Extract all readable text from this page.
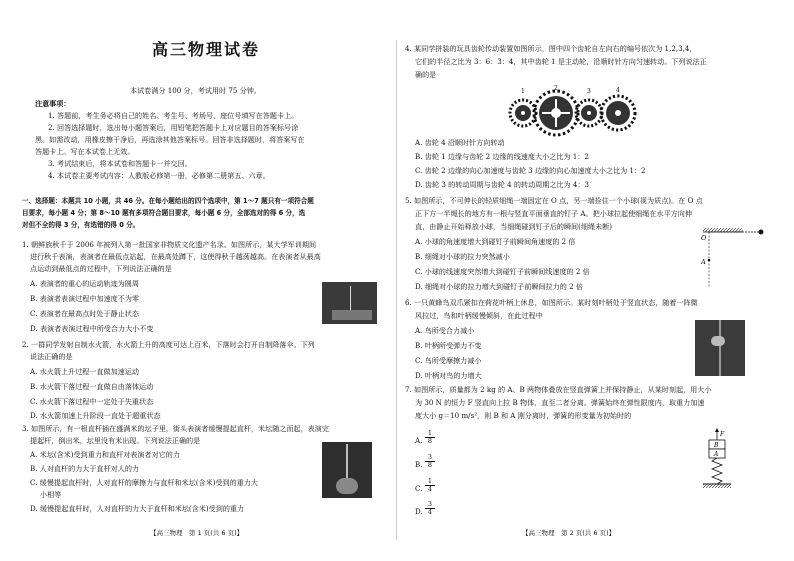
高三物理试卷
本试卷满分 100 分，考试用时 75 分钟。
注意事项：
1. 答题前，考生务必将自己的姓名、考生号、考场号、座位号填写在答题卡上。
2. 回答选择题时，选出每小题答案后，用铅笔把答题卡上对应题目的答案标号涂
黑。如需改动，用橡皮擦干净后，再选涂其他答案标号。回答非选择题时，将答案写在
答题卡上。写在本试卷上无效。
3. 考试结束后，将本试卷和答题卡一并交回。
4. 本试卷主要考试内容：人教版必修第一册，必修第二册第五、六章。
一、选择题：本题共 10 小题，共 46 分。在每小题给出的四个选项中，第 1～7 题只有一项符合题
目要求，每小题 4 分；第 8～10 题有多项符合题目要求，每小题 6 分，全部选对的得 6 分，选
对但不全的得 3 分，有选错的得 0 分。
1. 朝鲜族秋千于 2006 年被列入第一批国家非物质文化遗产名录。如图所示，某大学军训期间
进行秋千表演，表演者在最低点站起，在最高处蹲下，这使得秋千越荡越高。在表演者从最高
点运动到最低点的过程中，下列说法正确的是
A. 表演者的重心的运动轨迹为圆周
B. 表演者表演过程中加速度不为零
C. 表演者在最高点时处于静止状态
D. 表演者表演过程中所受合力大小不变
2. 一群同学发射自制水火箭，水火箭上升的高度可达上百米，下落时会打开自制降落伞。下列
说法正确的是
A. 水火箭上升过程一直做加速运动
B. 水火箭下落过程一直做自由落体运动
C. 水火箭下落过程中一定处于失重状态
D. 水火箭加速上升阶段一直处于超重状态
3. 如图所示，有一根直杆插在盛满米的坛子里，街头表演者缓慢提起直杆，米坛随之而起，表演完
提起杆，倒出米，坛里没有米出现。下列说法正确的是
A. 米坛(含米)受到重力和直杆对表演者对它的力
B. 人对直杆的力大于直杆对人的力
C. 缓慢提起直杆时，人对直杆的摩擦力与直杆和米坛(含米)受到的重力大
小相等
D. 缓慢提起直杆时，人对直杆的力大于直杆和米坛(含米)受到的重力
【高三物理　第 1 页(共 6 页)】
4. 某同学拼装的玩具齿轮传动装置如图所示，图中四个齿轮自左向右的编号依次为 1,2,3,4，
它们的半径之比为 3：6：3：4，其中齿轮 1 是主动轮，沿顺时针方向匀速转动。下列说法正
确的是
1	2	3	4
A. 齿轮 4 沿顺时针方向转动
B. 齿轮 1 边缘与齿轮 2 边缘的线速度大小之比为 1：2
C. 齿轮 2 边缘的向心加速度与齿轮 3 边缘的向心加速度大小之比为 1：2
D. 齿轮 3 的转动周期与齿轮 4 的转动周期之比为 4：3
5. 如图所示，不可伸长的轻质细绳一端固定在 O 点，另一端拴住一个小球(视为质点)。在 O 点
正下方一半绳长的地方有一根与竖直平面垂直的钉子 A。把小球拉起使细绳在水平方向伸
直，由静止开始释放小球，当细绳碰到钉子后的瞬间(细绳未断)
A. 小球的角速度增大到碰钉子前瞬间角速度的 2 倍
B. 细绳对小球的拉力突然减小
C. 小球的线速度突然增大到碰钉子前瞬间线速度的 2 倍
D. 细绳对小球的拉力增大到碰钉子前瞬间拉力的 2 倍
O
A
6. 一只黄蜂鸟双爪紧扣在荷花叶柄上休息，如图所示。某时刻叶柄处于竖直状态，随着一阵微
风拉过，鸟和叶柄缓慢倾斜，在此过程中
A. 鸟所受合力减小
B. 叶柄所受弹力不变
C. 鸟所受摩擦力减小
D. 叶柄对鸟的力增大
7. 如图所示，质量都为 2 kg 的 A、B 两物体叠放在竖直弹簧上并保持静止，从某时刻起，用大小
为 30 N 的恒力 F 竖直向上拉 B 物体，直至二者分离。弹簧始终在弹性限度内，取重力加速
度大小 g＝10 m/s²，则 B 和 A 刚分离时，弹簧的形变量为初始时的
A. $\frac{1}{8}$
B. $\frac{3}{8}$
C. $\frac{1}{4}$
D. $\frac{3}{4}$
F
B
A
【高三物理　第 2 页(共 6 页)】
